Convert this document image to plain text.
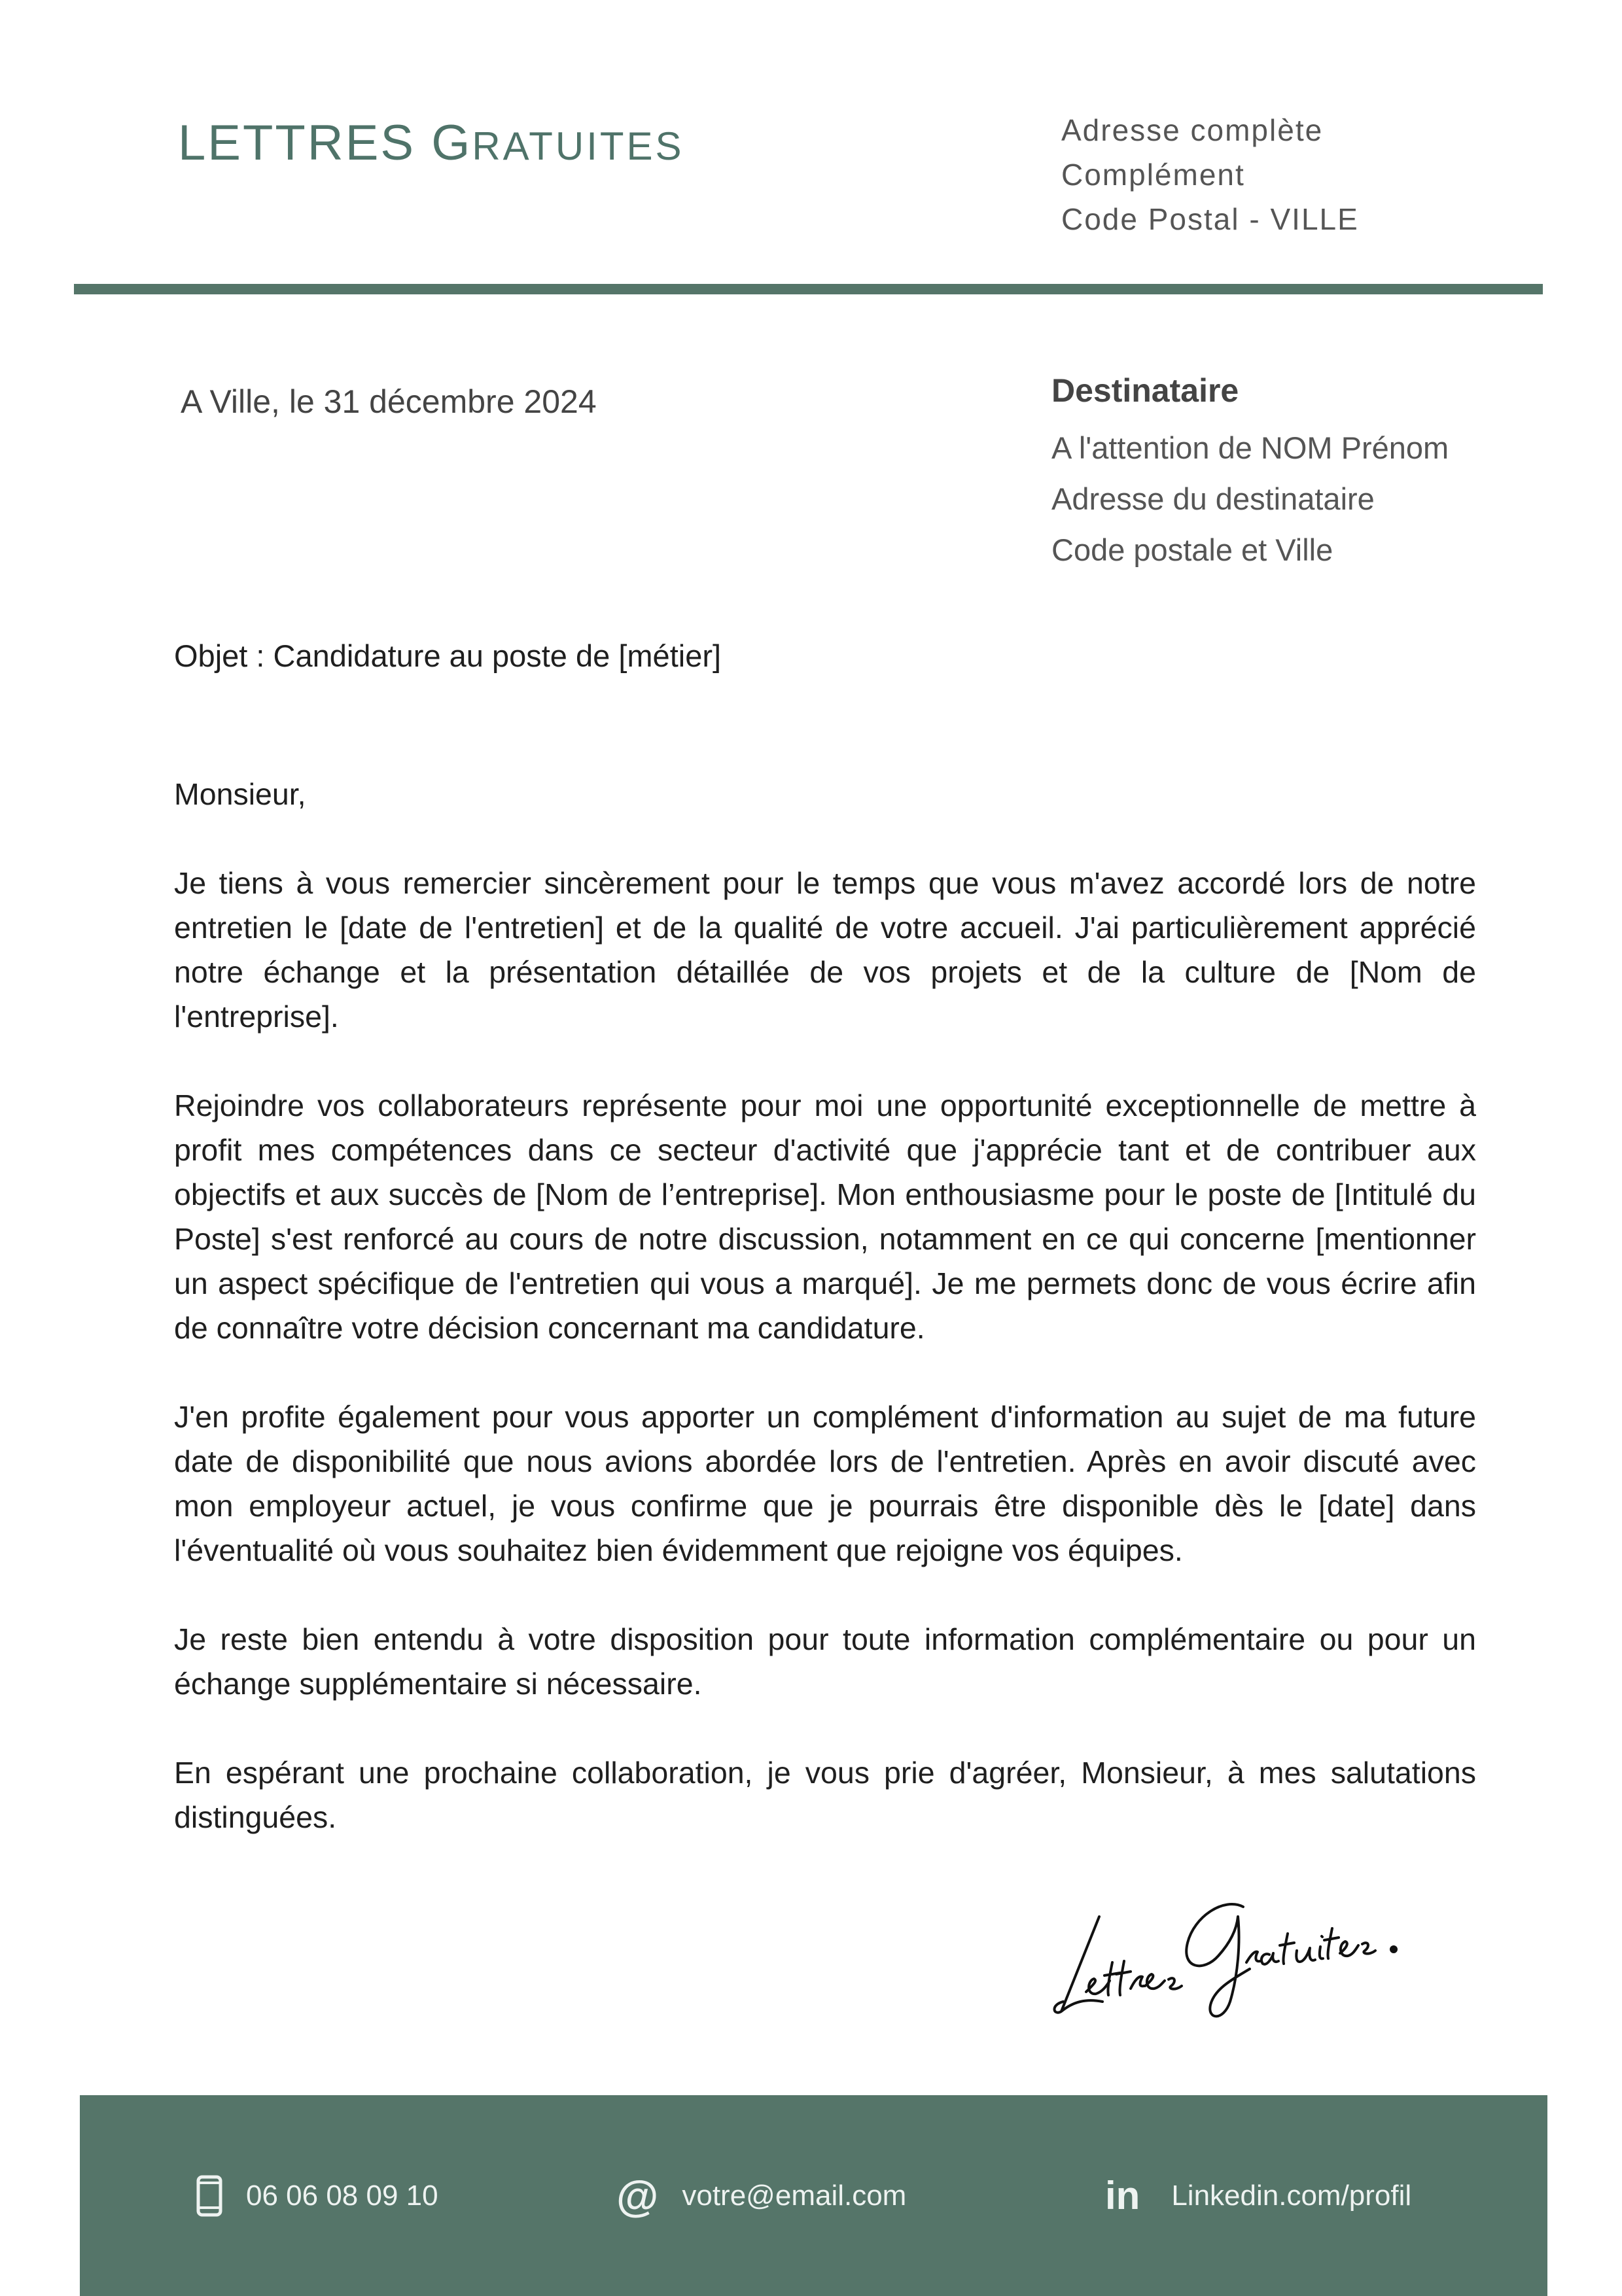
LETTRES GRATUITES	Adresse complète
Complément
Code Postal - VILLE
A Ville, le 31 décembre 2024	Destinataire
A l'attention de NOM Prénom
Adresse du destinataire
Code postale et Ville
Objet : Candidature au poste de [métier]

Monsieur,

Je tiens à vous remercier sincèrement pour le temps que vous m'avez accordé lors de notre entretien le [date de l'entretien] et de la qualité de votre accueil. J'ai particulièrement apprécié notre échange et la présentation détaillée de vos projets et de la culture de [Nom de l'entreprise].

Rejoindre vos collaborateurs représente pour moi une opportunité exceptionnelle de mettre à profit mes compétences dans ce secteur d'activité que j'apprécie tant et de contribuer aux objectifs et aux succès de [Nom de l’entreprise]. Mon enthousiasme pour le poste de [Intitulé du Poste] s'est renforcé au cours de notre discussion, notamment en ce qui concerne [mentionner un aspect spécifique de l'entretien qui vous a marqué]. Je me permets donc de vous écrire afin de connaître votre décision concernant ma candidature.

J'en profite également pour vous apporter un complément d'information au sujet de ma future date de disponibilité que nous avions abordée lors de l'entretien. Après en avoir discuté avec mon employeur actuel, je vous confirme que je pourrais être disponible dès le [date] dans l'éventualité où vous souhaitez bien évidemment que rejoigne vos équipes.

Je reste bien entendu à votre disposition pour toute information complémentaire ou pour un échange supplémentaire si nécessaire.

En espérant une prochaine collaboration, je vous prie d'agréer, Monsieur, à mes salutations distinguées.

06 06 08 09 10	@ votre@email.com	in Linkedin.com/profil
